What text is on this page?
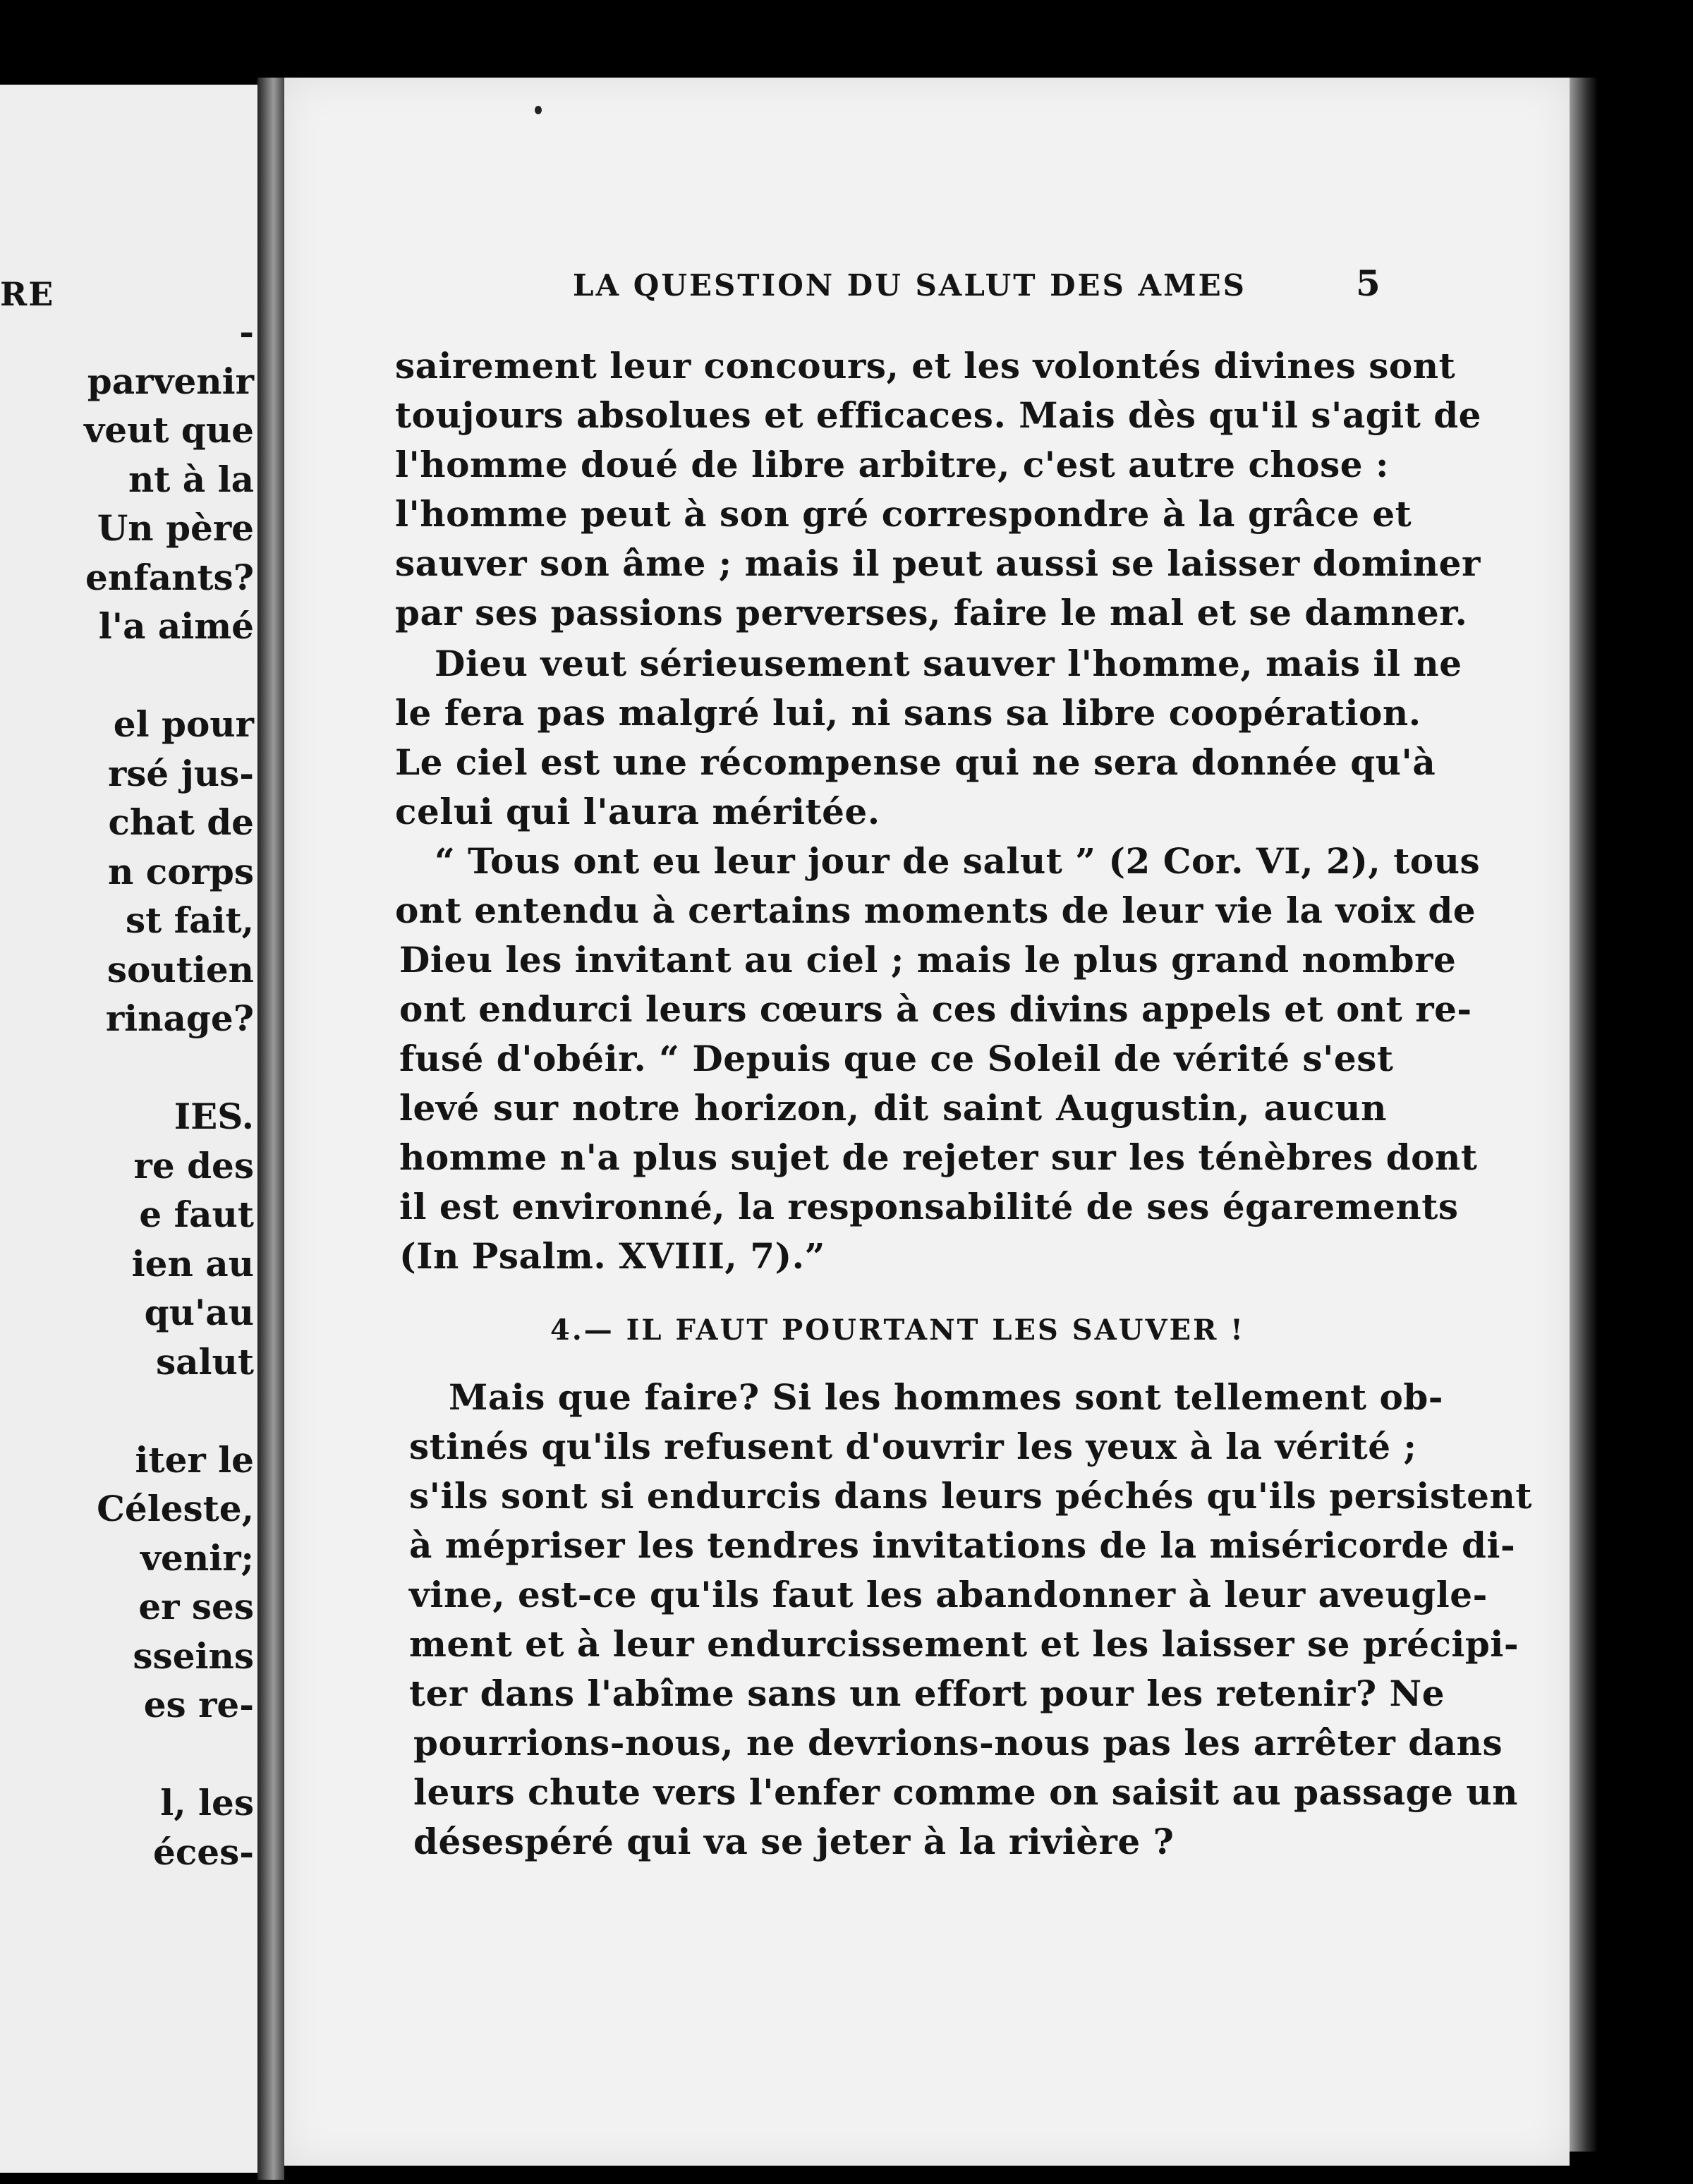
RE
-
parvenir
veut que
nt à la
Un père
enfants?
l'a aimé
el pour
rsé jus-
chat de
n corps
st fait,
soutien
rinage?
IES.
re des
e faut
ien au
qu'au
salut
iter le
Céleste,
venir;
er ses
sseins
es re-
l, les
éces-
LA QUESTION DU SALUT DES AMES	5
sairement leur concours, et les volontés divines sont
toujours absolues et efficaces. Mais dès qu'il s'agit de
l'homme doué de libre arbitre, c'est autre chose :
l'homme peut à son gré correspondre à la grâce et
sauver son âme ; mais il peut aussi se laisser dominer
par ses passions perverses, faire le mal et se damner.
Dieu veut sérieusement sauver l'homme, mais il ne
le fera pas malgré lui, ni sans sa libre coopération.
Le ciel est une récompense qui ne sera donnée qu'à
celui qui l'aura méritée.
“ Tous ont eu leur jour de salut ” (2 Cor. VI, 2), tous
ont entendu à certains moments de leur vie la voix de
Dieu les invitant au ciel ; mais le plus grand nombre
ont endurci leurs cœurs à ces divins appels et ont re-
fusé d'obéir. “ Depuis que ce Soleil de vérité s'est
levé sur notre horizon, dit saint Augustin, aucun
homme n'a plus sujet de rejeter sur les ténèbres dont
il est environné, la responsabilité de ses égarements
(In Psalm. XVIII, 7).”
4.— IL FAUT POURTANT LES SAUVER !
Mais que faire? Si les hommes sont tellement ob-
stinés qu'ils refusent d'ouvrir les yeux à la vérité ;
s'ils sont si endurcis dans leurs péchés qu'ils persistent
à mépriser les tendres invitations de la miséricorde di-
vine, est-ce qu'ils faut les abandonner à leur aveugle-
ment et à leur endurcissement et les laisser se précipi-
ter dans l'abîme sans un effort pour les retenir? Ne
pourrions-nous, ne devrions-nous pas les arrêter dans
leurs chute vers l'enfer comme on saisit au passage un
désespéré qui va se jeter à la rivière ?
